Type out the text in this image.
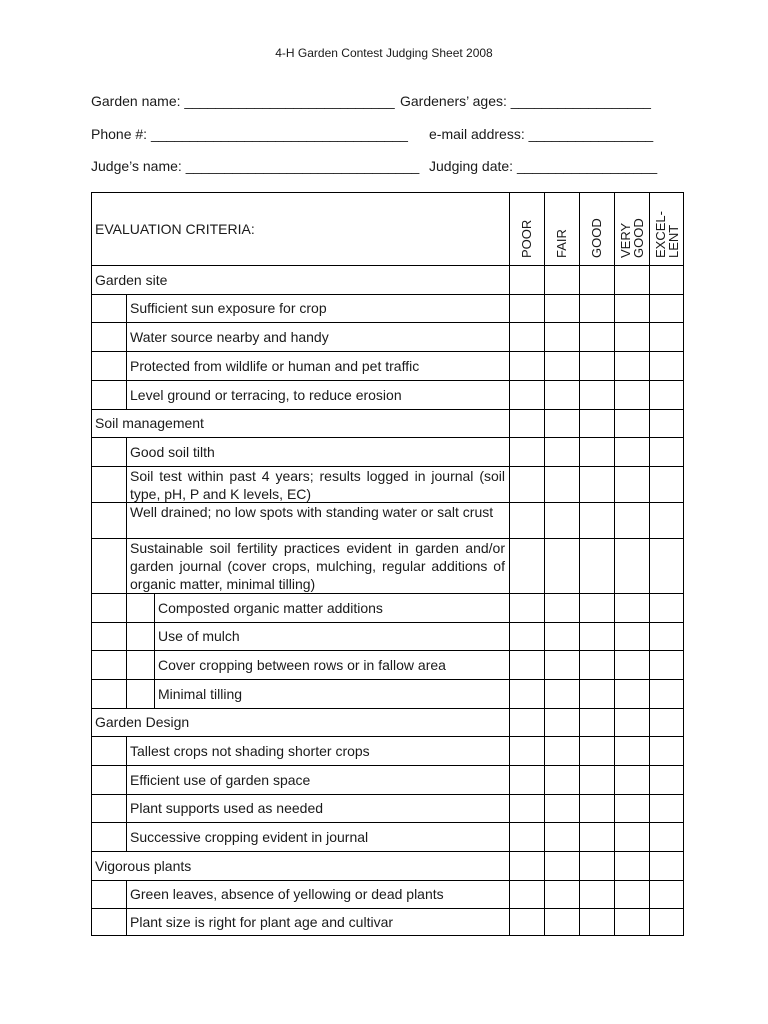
4-H Garden Contest Judging Sheet 2008
Garden name: ___________________________ Gardeners’ ages: __________________
Phone #: _________________________________ e-mail address: ________________
Judge’s name: ______________________________ Judging date: __________________
EVALUATION CRITERIA:	POOR FAIR GOOD VERY
GOOD EXCEL-
LENT
Garden site
Sufficient sun exposure for crop
Water source nearby and handy
Protected from wildlife or human and pet traffic
Level ground or terracing, to reduce erosion
Soil management
Good soil tilth
Soil test within past 4 years; results logged in journal (soil type, pH, P and K levels, EC)
Well drained; no low spots with standing water or salt crust
Sustainable soil fertility practices evident in garden and/or garden journal (cover crops, mulching, regular additions of organic matter, minimal tilling)
Composted organic matter additions
Use of mulch
Cover cropping between rows or in fallow area
Minimal tilling
Garden Design
Tallest crops not shading shorter crops
Efficient use of garden space
Plant supports used as needed
Successive cropping evident in journal
Vigorous plants
Green leaves, absence of yellowing or dead plants
Plant size is right for plant age and cultivar
